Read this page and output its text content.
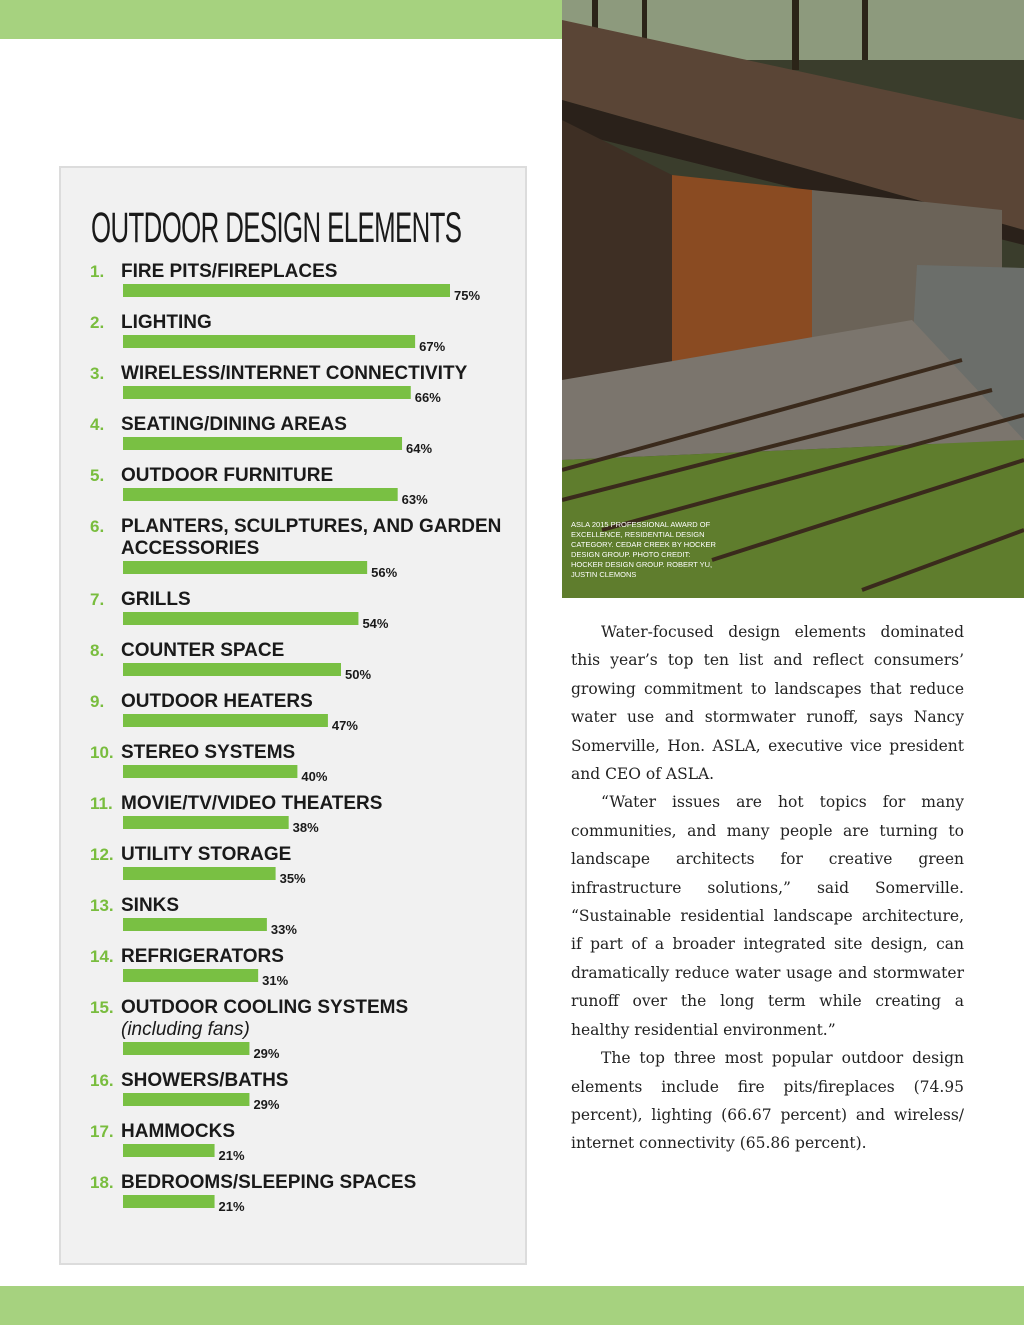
OUTDOOR DESIGN ELEMENTS
1. FIRE PITS/FIREPLACES
75%
2. LIGHTING
67%
3. WIRELESS/INTERNET CONNECTIVITY
66%
4. SEATING/DINING AREAS
64%
5. OUTDOOR FURNITURE
63%
6. PLANTERS, SCULPTURES, AND GARDEN
ACCESSORIES
56%
7. GRILLS
54%
8. COUNTER SPACE
50%
9. OUTDOOR HEATERS
47%
10. STEREO SYSTEMS
40%
11. MOVIE/TV/VIDEO THEATERS
38%
12. UTILITY STORAGE
35%
13. SINKS
33%
14. REFRIGERATORS
31%
15. OUTDOOR COOLING SYSTEMS
(including fans)
29%
16. SHOWERS/BATHS
29%
17. HAMMOCKS
21%
18. BEDROOMS/SLEEPING SPACES
21%
ASLA 2015 PROFESSIONAL AWARD OF EXCELLENCE, RESIDENTIAL DESIGN CATEGORY. CEDAR CREEK BY HOCKER DESIGN GROUP. PHOTO CREDIT: HOCKER DESIGN GROUP. ROBERT YU, JUSTIN CLEMONS

Water-focused design elements dominated this year’s top ten list and reflect consumers’ growing commitment to landscapes that reduce water use and stormwater runoff, says Nancy Somerville, Hon. ASLA, executive vice president and CEO of ASLA.

“Water issues are hot topics for many communities, and many people are turning to landscape architects for creative green infrastructure solutions,” said Somerville. “Sustainable residential landscape architecture, if part of a broader integrated site design, can dramatically reduce water usage and stormwater runoff over the long term while creating a healthy residential environment.”

The top three most popular outdoor design elements include fire pits/fireplaces (74.95 percent), lighting (66.67 percent) and wireless/ internet connectivity (65.86 percent).
